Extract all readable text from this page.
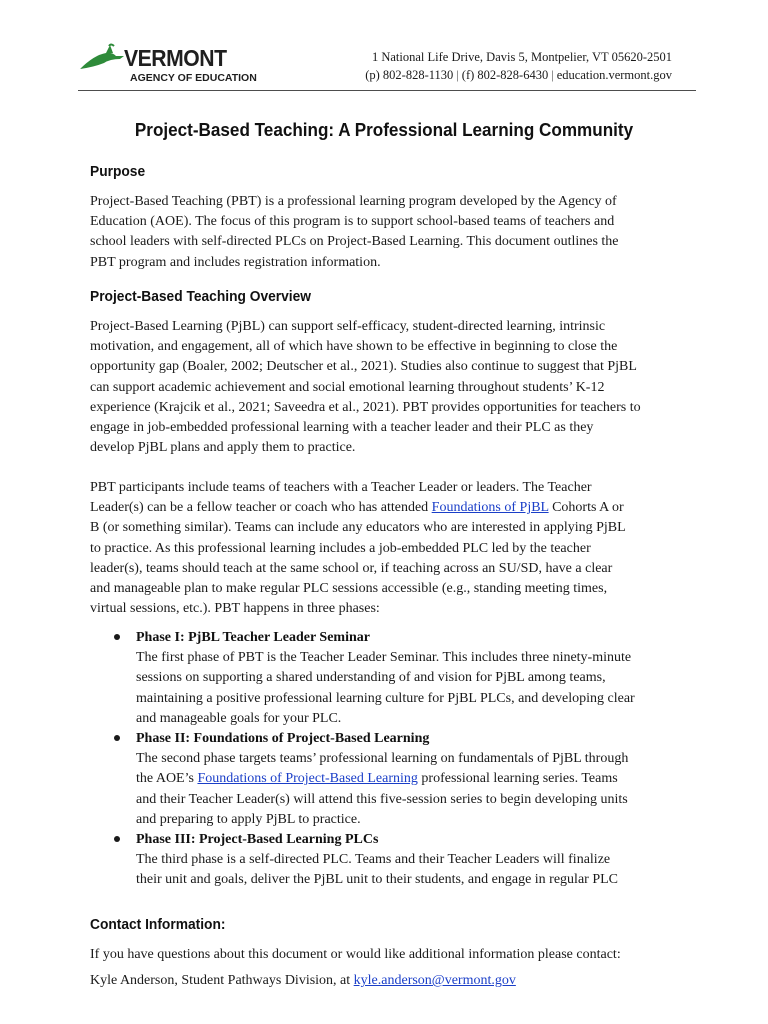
VERMONT
AGENCY OF EDUCATION
1 National Life Drive, Davis 5, Montpelier, VT 05620-2501
(p) 802-828-1130 | (f) 802-828-6430 | education.vermont.gov
Project-Based Teaching: A Professional Learning Community
Purpose
Project-Based Teaching (PBT) is a professional learning program developed by the Agency of
Education (AOE). The focus of this program is to support school-based teams of teachers and
school leaders with self-directed PLCs on Project-Based Learning. This document outlines the
PBT program and includes registration information.
Project-Based Teaching Overview
Project-Based Learning (PjBL) can support self-efficacy, student-directed learning, intrinsic
motivation, and engagement, all of which have shown to be effective in beginning to close the
opportunity gap (Boaler, 2002; Deutscher et al., 2021). Studies also continue to suggest that PjBL
can support academic achievement and social emotional learning throughout students’ K-12
experience (Krajcik et al., 2021; Saveedra et al., 2021). PBT provides opportunities for teachers to
engage in job-embedded professional learning with a teacher leader and their PLC as they
develop PjBL plans and apply them to practice.
PBT participants include teams of teachers with a Teacher Leader or leaders. The Teacher
Leader(s) can be a fellow teacher or coach who has attended Foundations of PjBL Cohorts A or
B (or something similar). Teams can include any educators who are interested in applying PjBL
to practice. As this professional learning includes a job-embedded PLC led by the teacher
leader(s), teams should teach at the same school or, if teaching across an SU/SD, have a clear
and manageable plan to make regular PLC sessions accessible (e.g., standing meeting times,
virtual sessions, etc.). PBT happens in three phases:
Phase I: PjBL Teacher Leader Seminar
The first phase of PBT is the Teacher Leader Seminar. This includes three ninety-minute
sessions on supporting a shared understanding of and vision for PjBL among teams,
maintaining a positive professional learning culture for PjBL PLCs, and developing clear
and manageable goals for your PLC.
Phase II: Foundations of Project-Based Learning
The second phase targets teams’ professional learning on fundamentals of PjBL through
the AOE’s Foundations of Project-Based Learning professional learning series. Teams
and their Teacher Leader(s) will attend this five-session series to begin developing units
and preparing to apply PjBL to practice.
Phase III: Project-Based Learning PLCs
The third phase is a self-directed PLC. Teams and their Teacher Leaders will finalize
their unit and goals, deliver the PjBL unit to their students, and engage in regular PLC
Contact Information:
If you have questions about this document or would like additional information please contact:
Kyle Anderson, Student Pathways Division, at kyle.anderson@vermont.gov
